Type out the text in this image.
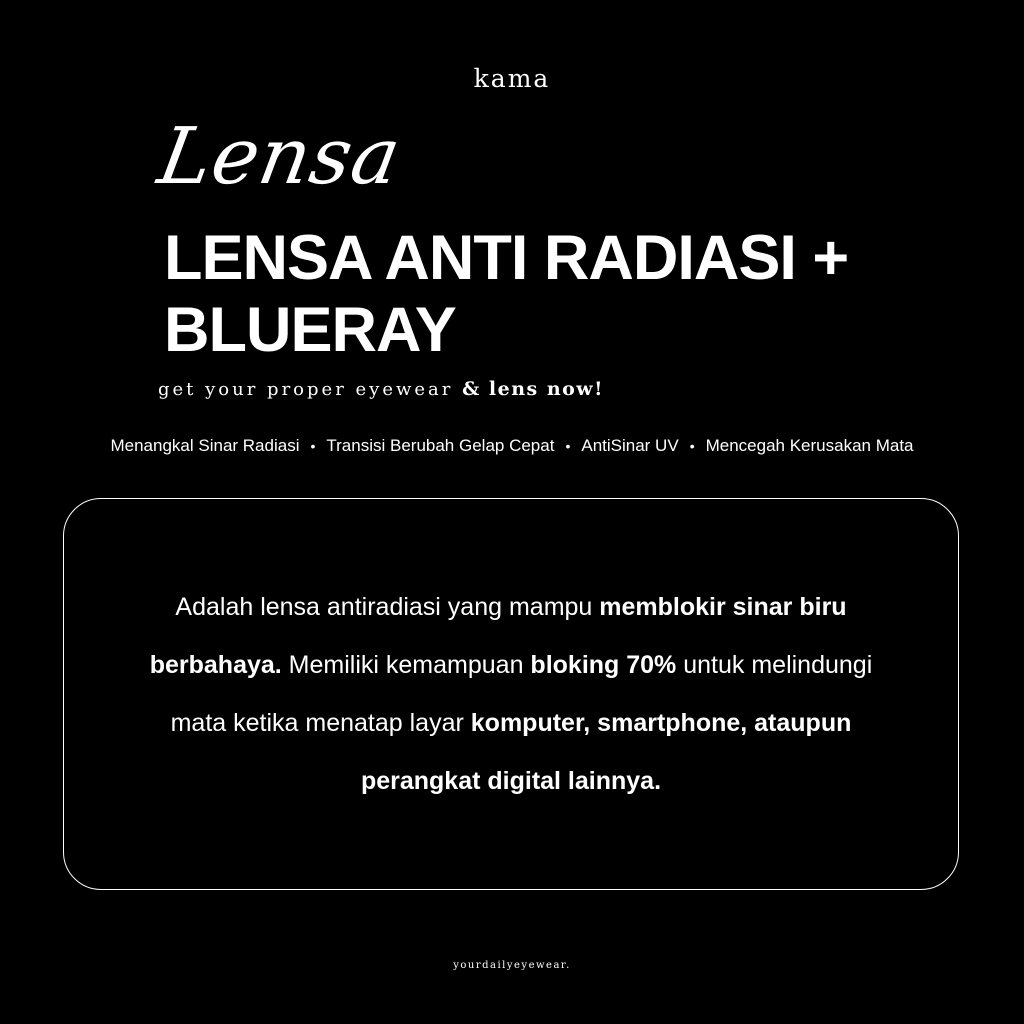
kama
Lensa
LENSA ANTI RADIASI +
BLUERAY
get your proper eyewear & lens now!
Menangkal Sinar Radiasi • Transisi Berubah Gelap Cepat • AntiSinar UV • Mencegah Kerusakan Mata
Adalah lensa antiradiasi yang mampu memblokir sinar biru
berbahaya. Memiliki kemampuan bloking 70% untuk melindungi
mata ketika menatap layar komputer, smartphone, ataupun
perangkat digital lainnya.
yourdailyeyewear.
